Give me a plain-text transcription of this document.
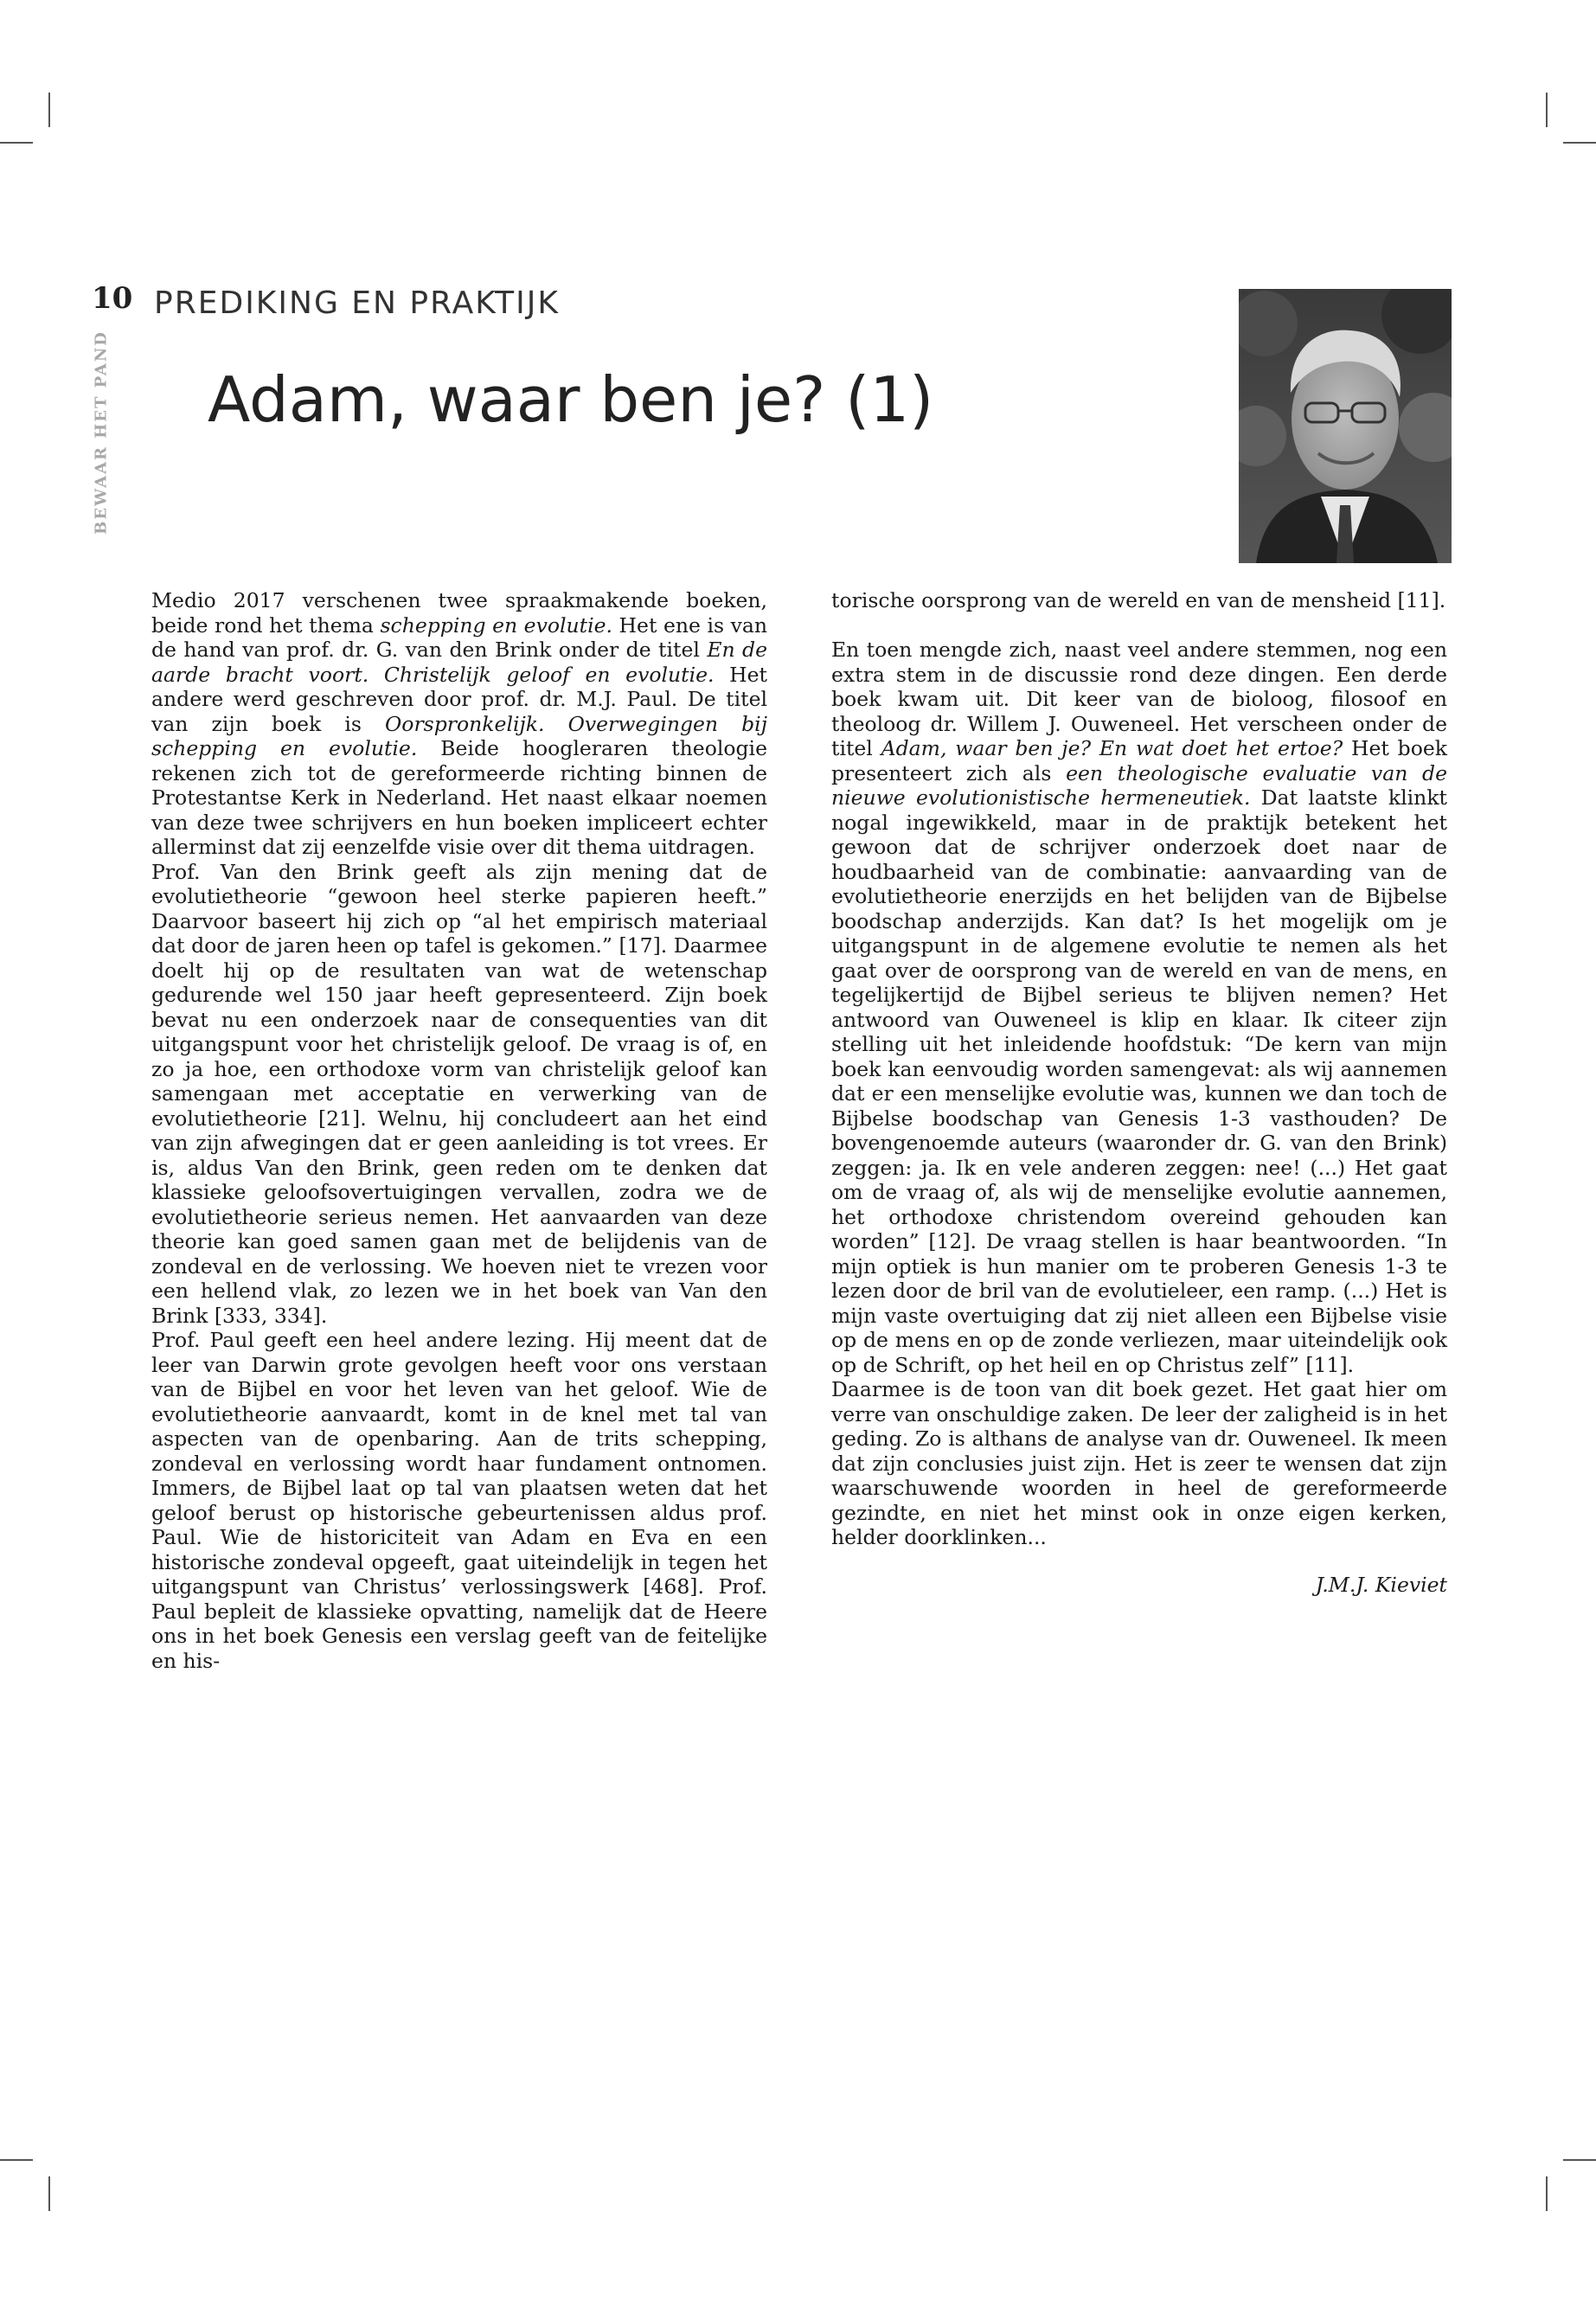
10 PREDIKING EN PRAKTIJK
BEWAAR HET PAND Adam, waar ben je? (1)

Medio 2017 verschenen twee spraakmakende boeken, beide rond het thema schepping en evolutie. Het ene is van de hand van prof. dr. G. van den Brink onder de titel En de aarde bracht voort. Christelijk geloof en evolutie. Het andere werd geschreven door prof. dr. M.J. Paul. De titel van zijn boek is Oorspronkelijk. Overwegingen bij schepping en evolutie. Beide hoogleraren theologie rekenen zich tot de gereformeerde richting binnen de Protestantse Kerk in Nederland. Het naast elkaar noemen van deze twee schrijvers en hun boeken impliceert echter allerminst dat zij eenzelfde visie over dit thema uitdragen.

Prof. Van den Brink geeft als zijn mening dat de evolutietheorie “gewoon heel sterke papieren heeft.” Daarvoor baseert hij zich op “al het empirisch materiaal dat door de jaren heen op tafel is gekomen.” [17]. Daarmee doelt hij op de resultaten van wat de wetenschap gedurende wel 150 jaar heeft gepresenteerd. Zijn boek bevat nu een onderzoek naar de consequenties van dit uitgangspunt voor het christelijk geloof. De vraag is of, en zo ja hoe, een orthodoxe vorm van christelijk geloof kan samengaan met acceptatie en verwerking van de evolutietheorie [21]. Welnu, hij concludeert aan het eind van zijn afwegingen dat er geen aanleiding is tot vrees. Er is, aldus Van den Brink, geen reden om te denken dat klassieke geloofsovertuigingen vervallen, zodra we de evolutietheorie serieus nemen. Het aanvaarden van deze theorie kan goed samen gaan met de belijdenis van de zondeval en de verlossing. We hoeven niet te vrezen voor een hellend vlak, zo lezen we in het boek van Van den Brink [333, 334].

Prof. Paul geeft een heel andere lezing. Hij meent dat de leer van Darwin grote gevolgen heeft voor ons verstaan van de Bijbel en voor het leven van het geloof. Wie de evolutietheorie aanvaardt, komt in de knel met tal van aspecten van de openbaring. Aan de trits schepping, zondeval en verlossing wordt haar fundament ontnomen. Immers, de Bijbel laat op tal van plaatsen weten dat het geloof berust op historische gebeurtenissen aldus prof. Paul. Wie de historiciteit van Adam en Eva en een historische zondeval opgeeft, gaat uiteindelijk in tegen het uitgangspunt van Christus’ verlossingswerk [468]. Prof. Paul bepleit de klassieke opvatting, namelijk dat de Heere ons in het boek Genesis een verslag geeft van de feitelijke en his-

torische oorsprong van de wereld en van de mensheid [11].

En toen mengde zich, naast veel andere stemmen, nog een extra stem in de discussie rond deze dingen. Een derde boek kwam uit. Dit keer van de bioloog, filosoof en theoloog dr. Willem J. Ouweneel. Het verscheen onder de titel Adam, waar ben je? En wat doet het ertoe? Het boek presenteert zich als een theologische evaluatie van de nieuwe evolutionistische hermeneutiek. Dat laatste klinkt nogal ingewikkeld, maar in de praktijk betekent het gewoon dat de schrijver onderzoek doet naar de houdbaarheid van de combinatie: aanvaarding van de evolutietheorie enerzijds en het belijden van de Bijbelse boodschap anderzijds. Kan dat? Is het mogelijk om je uitgangspunt in de algemene evolutie te nemen als het gaat over de oorsprong van de wereld en van de mens, en tegelijkertijd de Bijbel serieus te blijven nemen? Het antwoord van Ouweneel is klip en klaar. Ik citeer zijn stelling uit het inleidende hoofdstuk: “De kern van mijn boek kan eenvoudig worden samengevat: als wij aannemen dat er een menselijke evolutie was, kunnen we dan toch de Bijbelse boodschap van Genesis 1-3 vasthouden? De bovengenoemde auteurs (waaronder dr. G. van den Brink) zeggen: ja. Ik en vele anderen zeggen: nee! (...) Het gaat om de vraag of, als wij de menselijke evolutie aannemen, het orthodoxe christendom overeind gehouden kan worden” [12]. De vraag stellen is haar beantwoorden. “In mijn optiek is hun manier om te proberen Genesis 1-3 te lezen door de bril van de evolutieleer, een ramp. (...) Het is mijn vaste overtuiging dat zij niet alleen een Bijbelse visie op de mens en op de zonde verliezen, maar uiteindelijk ook op de Schrift, op het heil en op Christus zelf” [11].

Daarmee is de toon van dit boek gezet. Het gaat hier om verre van onschuldige zaken. De leer der zaligheid is in het geding. Zo is althans de analyse van dr. Ouweneel. Ik meen dat zijn conclusies juist zijn. Het is zeer te wensen dat zijn waarschuwende woorden in heel de gereformeerde gezindte, en niet het minst ook in onze eigen kerken, helder doorklinken...

J.M.J. Kieviet
